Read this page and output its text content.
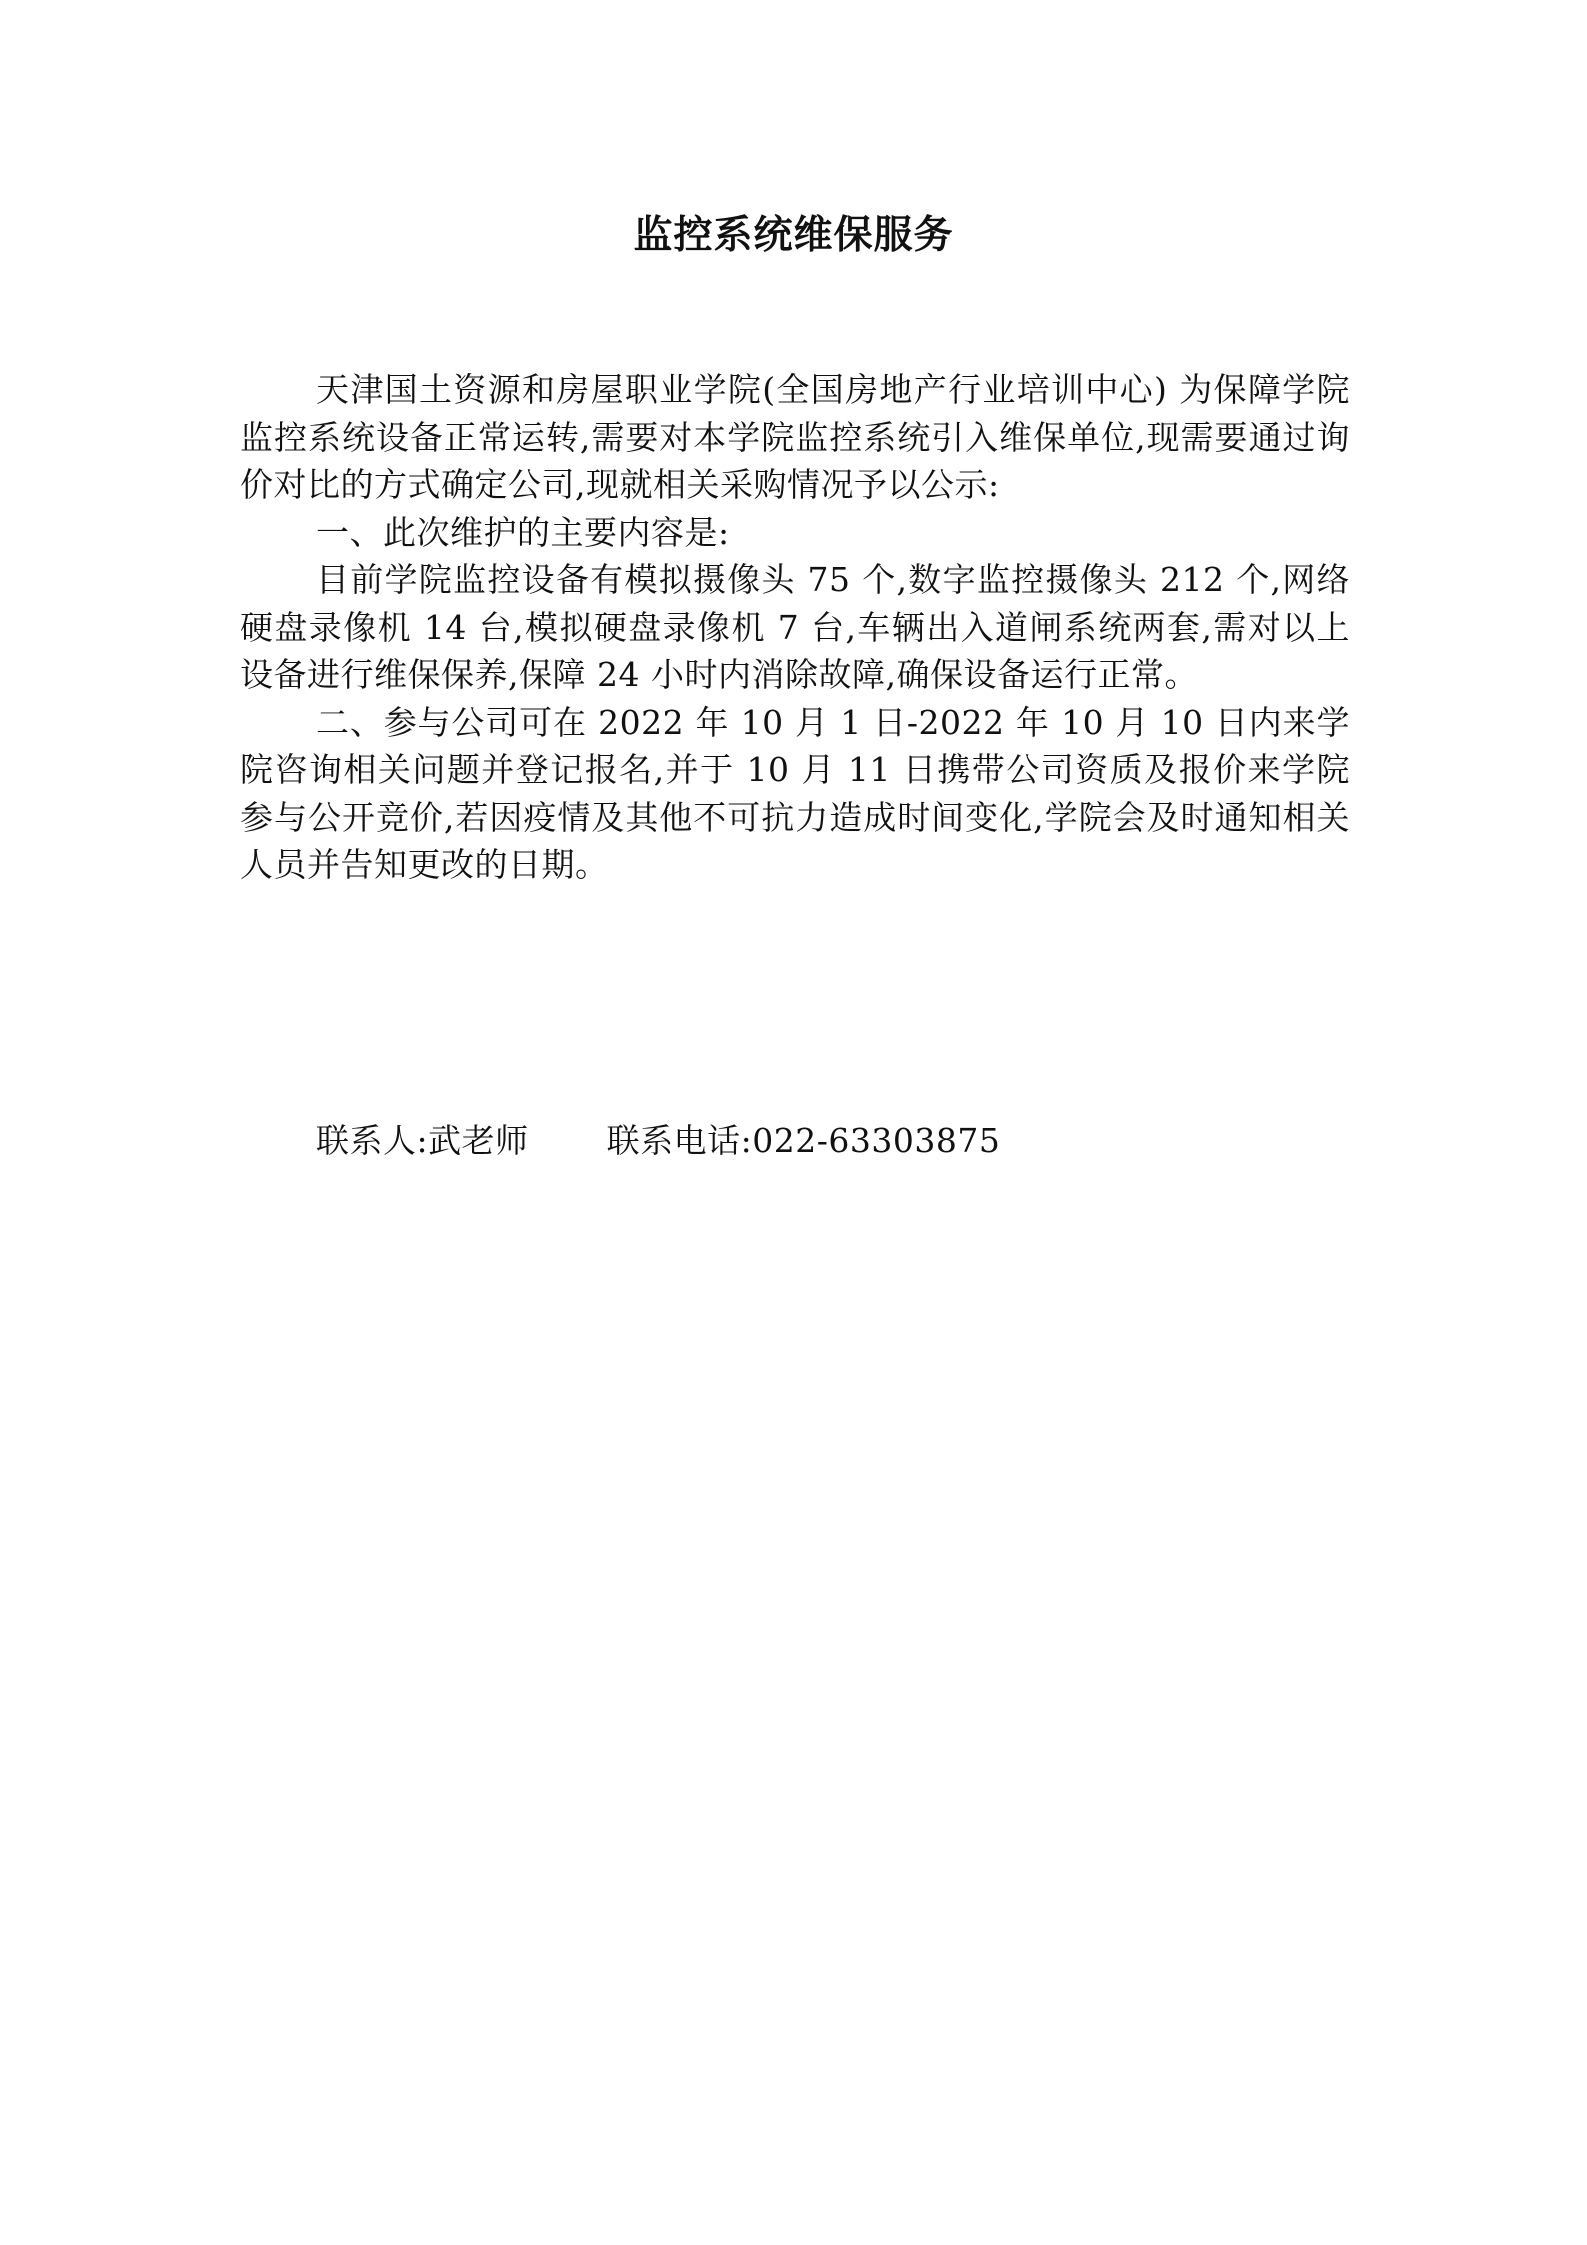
监控系统维保服务

天津国土资源和房屋职业学院(全国房地产行业培训中心) 为保障学院监控系统设备正常运转,需要对本学院监控系统引入维保单位,现需要通过询价对比的方式确定公司,现就相关采购情况予以公示:

一、此次维护的主要内容是:

目前学院监控设备有模拟摄像头 75 个,数字监控摄像头 212 个,网络硬盘录像机 14 台,模拟硬盘录像机 7 台,车辆出入道闸系统两套,需对以上设备进行维保保养,保障 24 小时内消除故障,确保设备运行正常。

二、参与公司可在 2022 年 10 月 1 日-2022 年 10 月 10 日内来学院咨询相关问题并登记报名,并于 10 月 11 日携带公司资质及报价来学院参与公开竞价,若因疫情及其他不可抗力造成时间变化,学院会及时通知相关人员并告知更改的日期。

联系人:武老师 联系电话:022-63303875
